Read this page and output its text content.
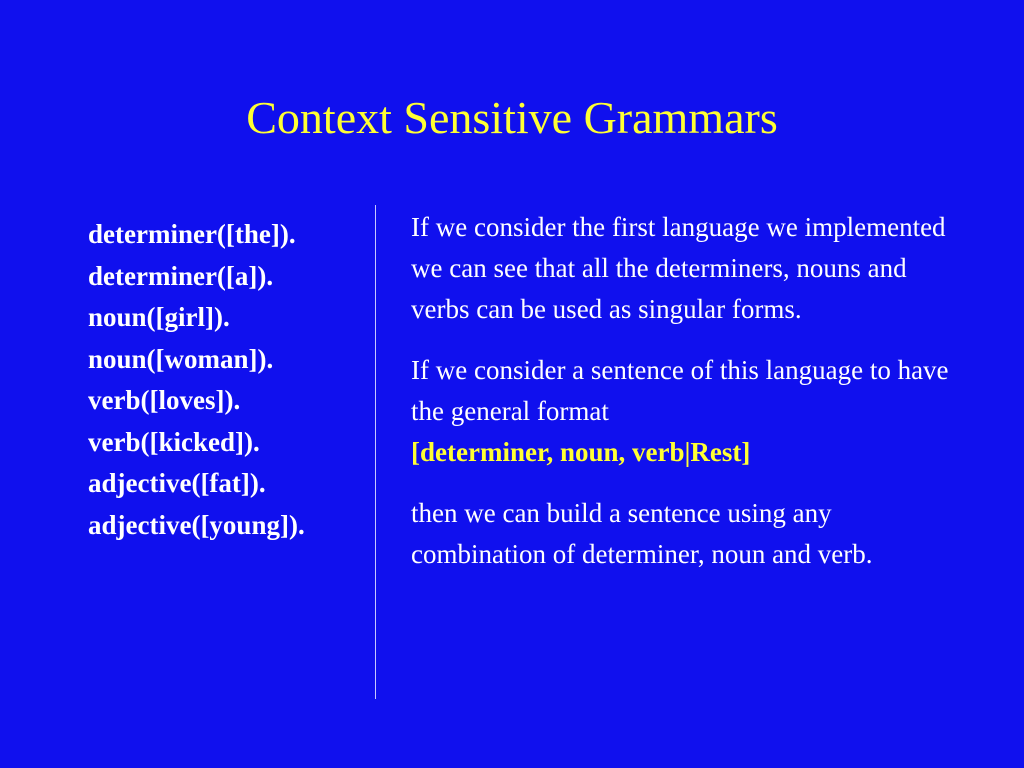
Context Sensitive Grammars
determiner([the]).
determiner([a]).
noun([girl]).
noun([woman]).
verb([loves]).
verb([kicked]).
adjective([fat]).
adjective([young]).

If we consider the first language we implemented we can see that all the determiners, nouns and verbs can be used as singular forms.

If we consider a sentence of this language to have the general format
[determiner, noun, verb|Rest]

then we can build a sentence using any combination of determiner, noun and verb.
